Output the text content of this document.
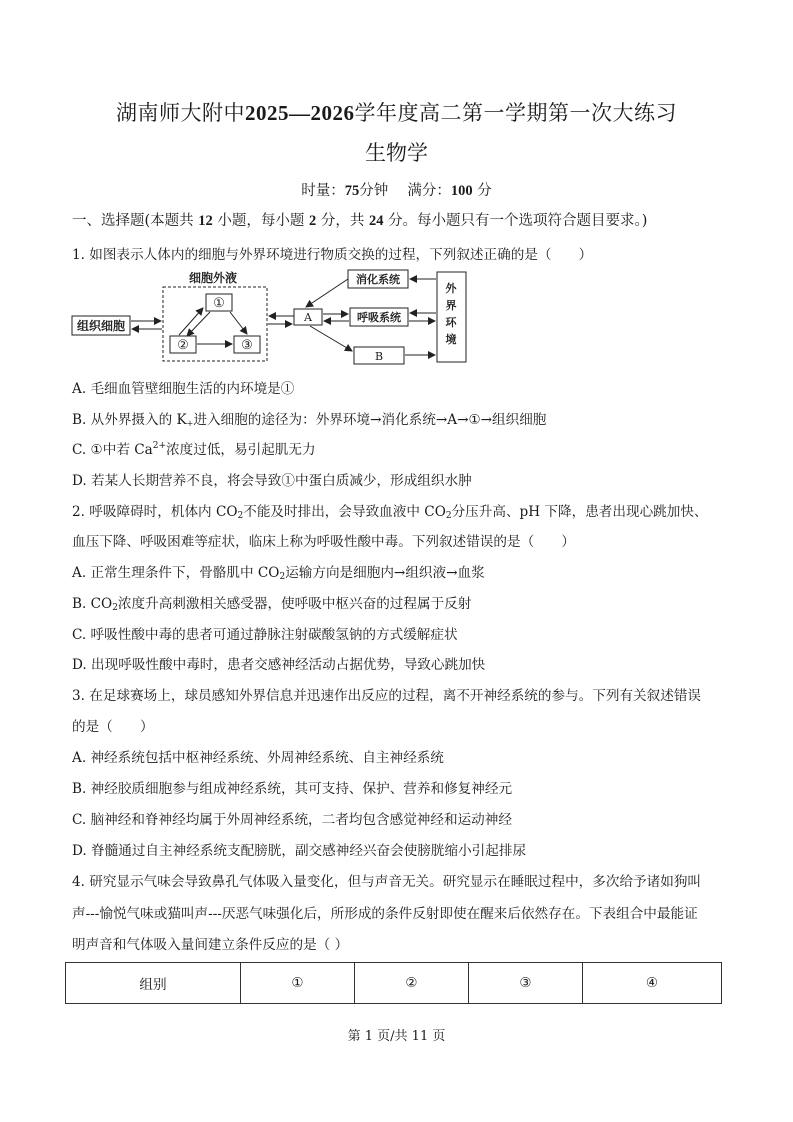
湖南师大附中2025—2026学年度高二第一学期第一次大练习
生物学
时量：75分钟　 满分：100 分
一、选择题(本题共 12 小题，每小题 2 分，共 24 分。每小题只有一个选项符合题目要求。)
1. 如图表示人体内的细胞与外界环境进行物质交换的过程，下列叙述正确的是（　　）
细胞外液
①
②	③
组织细胞
A
B
消化系统
呼吸系统
外
界
环
境
A. 毛细血管壁细胞生活的内环境是①
B. 从外界摄入的 $K_+$进入细胞的途径为：外界环境→消化系统→A→①→组织细胞
C. ①中若 $Ca^{2+}$浓度过低，易引起肌无力
D. 若某人长期营养不良，将会导致①中蛋白质减少，形成组织水肿
2. 呼吸障碍时，机体内 $CO_2$不能及时排出，会导致血液中 $CO_2$分压升高、pH 下降，患者出现心跳加快、
血压下降、呼吸困难等症状，临床上称为呼吸性酸中毒。下列叙述错误的是（　　）
A. 正常生理条件下，骨骼肌中 $CO_2$运输方向是细胞内→组织液→血浆
B. $CO_2$浓度升高刺激相关感受器，使呼吸中枢兴奋的过程属于反射
C. 呼吸性酸中毒的患者可通过静脉注射碳酸氢钠的方式缓解症状
D. 出现呼吸性酸中毒时，患者交感神经活动占据优势，导致心跳加快
3. 在足球赛场上，球员感知外界信息并迅速作出反应的过程，离不开神经系统的参与。下列有关叙述错误
的是（　　）
A. 神经系统包括中枢神经系统、外周神经系统、自主神经系统
B. 神经胶质细胞参与组成神经系统，其可支持、保护、营养和修复神经元
C. 脑神经和脊神经均属于外周神经系统，二者均包含感觉神经和运动神经
D. 脊髓通过自主神经系统支配膀胱，副交感神经兴奋会使膀胱缩小引起排尿
4. 研究显示气味会导致鼻孔气体吸入量变化，但与声音无关。研究显示在睡眠过程中，多次给予诸如狗叫
声---愉悦气味或猫叫声---厌恶气味强化后，所形成的条件反射即使在醒来后依然存在。下表组合中最能证
明声音和气体吸入量间建立条件反应的是（ ）
组别	①	②	③	④
第 1 页/共 11 页
